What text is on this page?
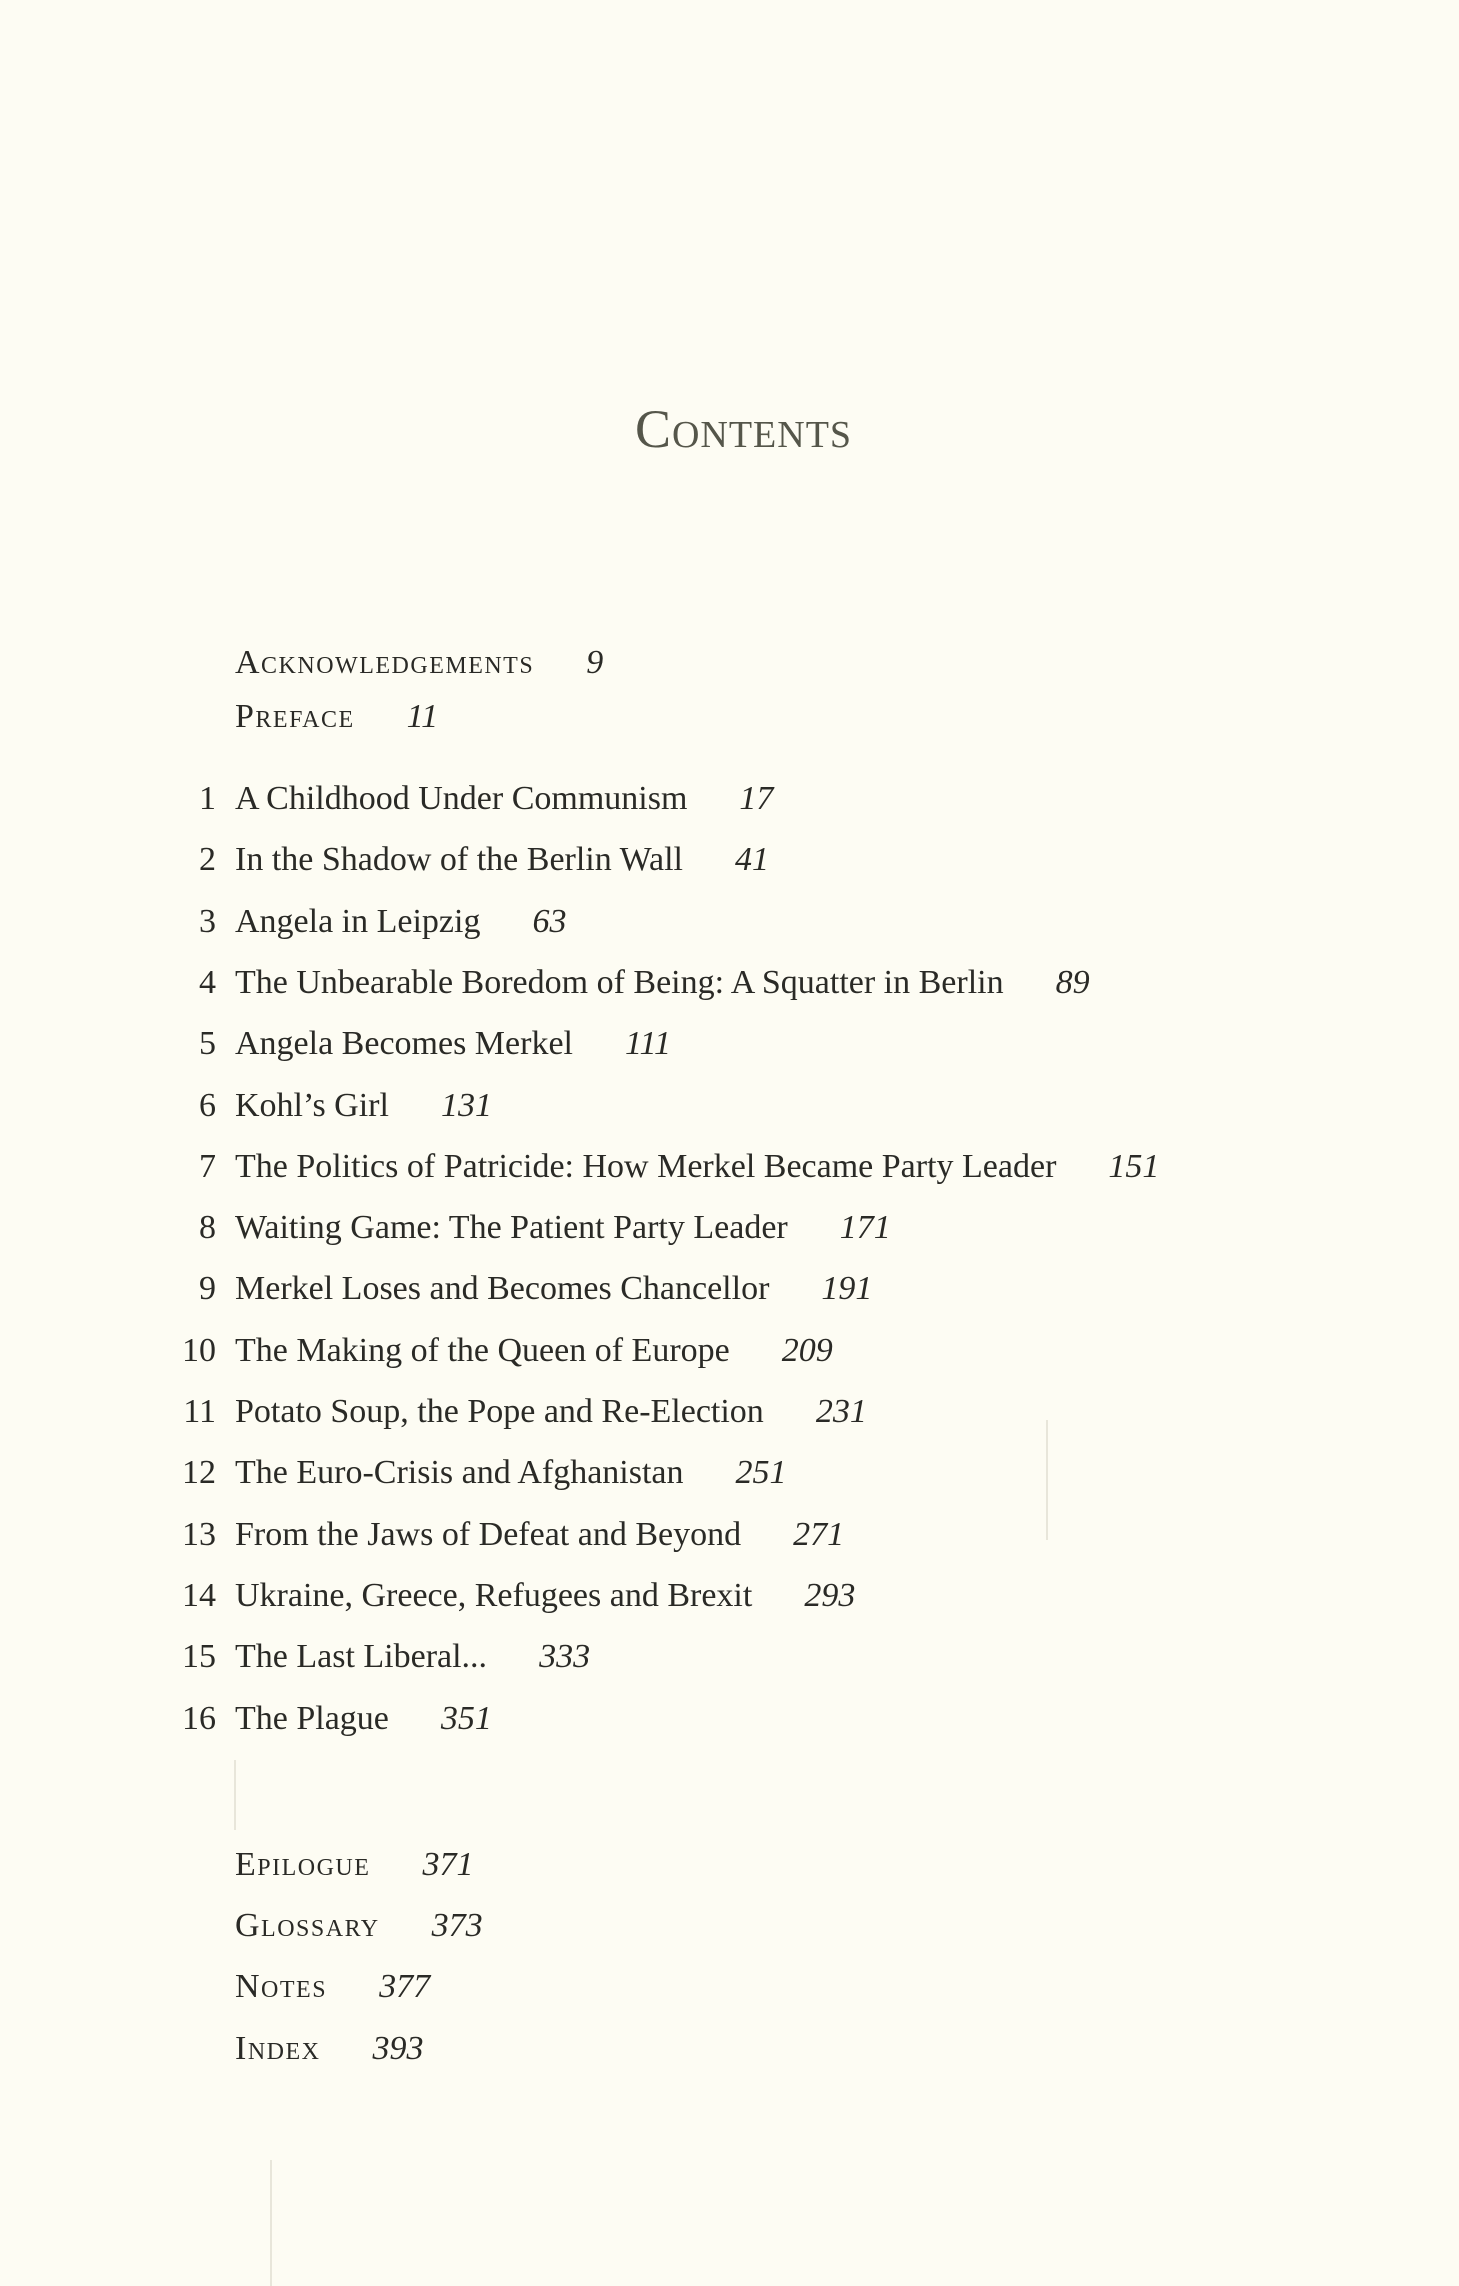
Contents
Acknowledgements 9
Preface 11
1 A Childhood Under Communism 17
2 In the Shadow of the Berlin Wall 41
3 Angela in Leipzig 63
4 The Unbearable Boredom of Being: A Squatter in Berlin 89
5 Angela Becomes Merkel 111
6 Kohl’s Girl 131
7 The Politics of Patricide: How Merkel Became Party Leader 151
8 Waiting Game: The Patient Party Leader 171
9 Merkel Loses and Becomes Chancellor 191
10 The Making of the Queen of Europe 209
11 Potato Soup, the Pope and Re-Election 231
12 The Euro-Crisis and Afghanistan 251
13 From the Jaws of Defeat and Beyond 271
14 Ukraine, Greece, Refugees and Brexit 293
15 The Last Liberal... 333
16 The Plague 351
Epilogue 371
Glossary 373
Notes 377
Index 393
